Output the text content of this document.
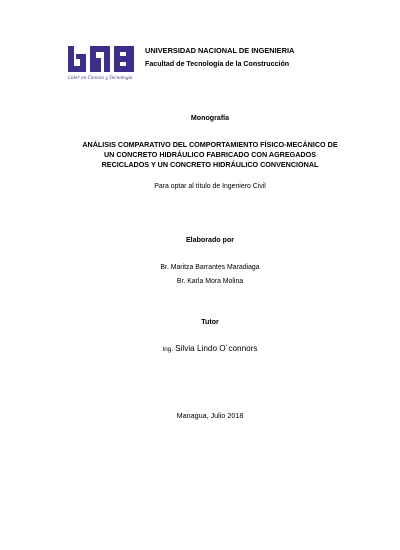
Líder en Ciencia y Tecnología
UNIVERSIDAD NACIONAL DE INGENIERIA
Facultad de Tecnología de la Construcción
Monografía
ANÁLISIS COMPARATIVO DEL COMPORTAMIENTO FÍSICO-MECÁNICO DE
UN CONCRETO HIDRÁULICO FABRICADO CON AGREGADOS
RECICLADOS Y UN CONCRETO HIDRÁULICO CONVENCIONAL
Para optar al título de Ingeniero Civil
Elaborado por
Br. Maritza Barrantes Maradiaga
Br. Karla Mora Molina
Tutor
Ing. Silvia Lindo O´connors
Managua, Julio 2018
